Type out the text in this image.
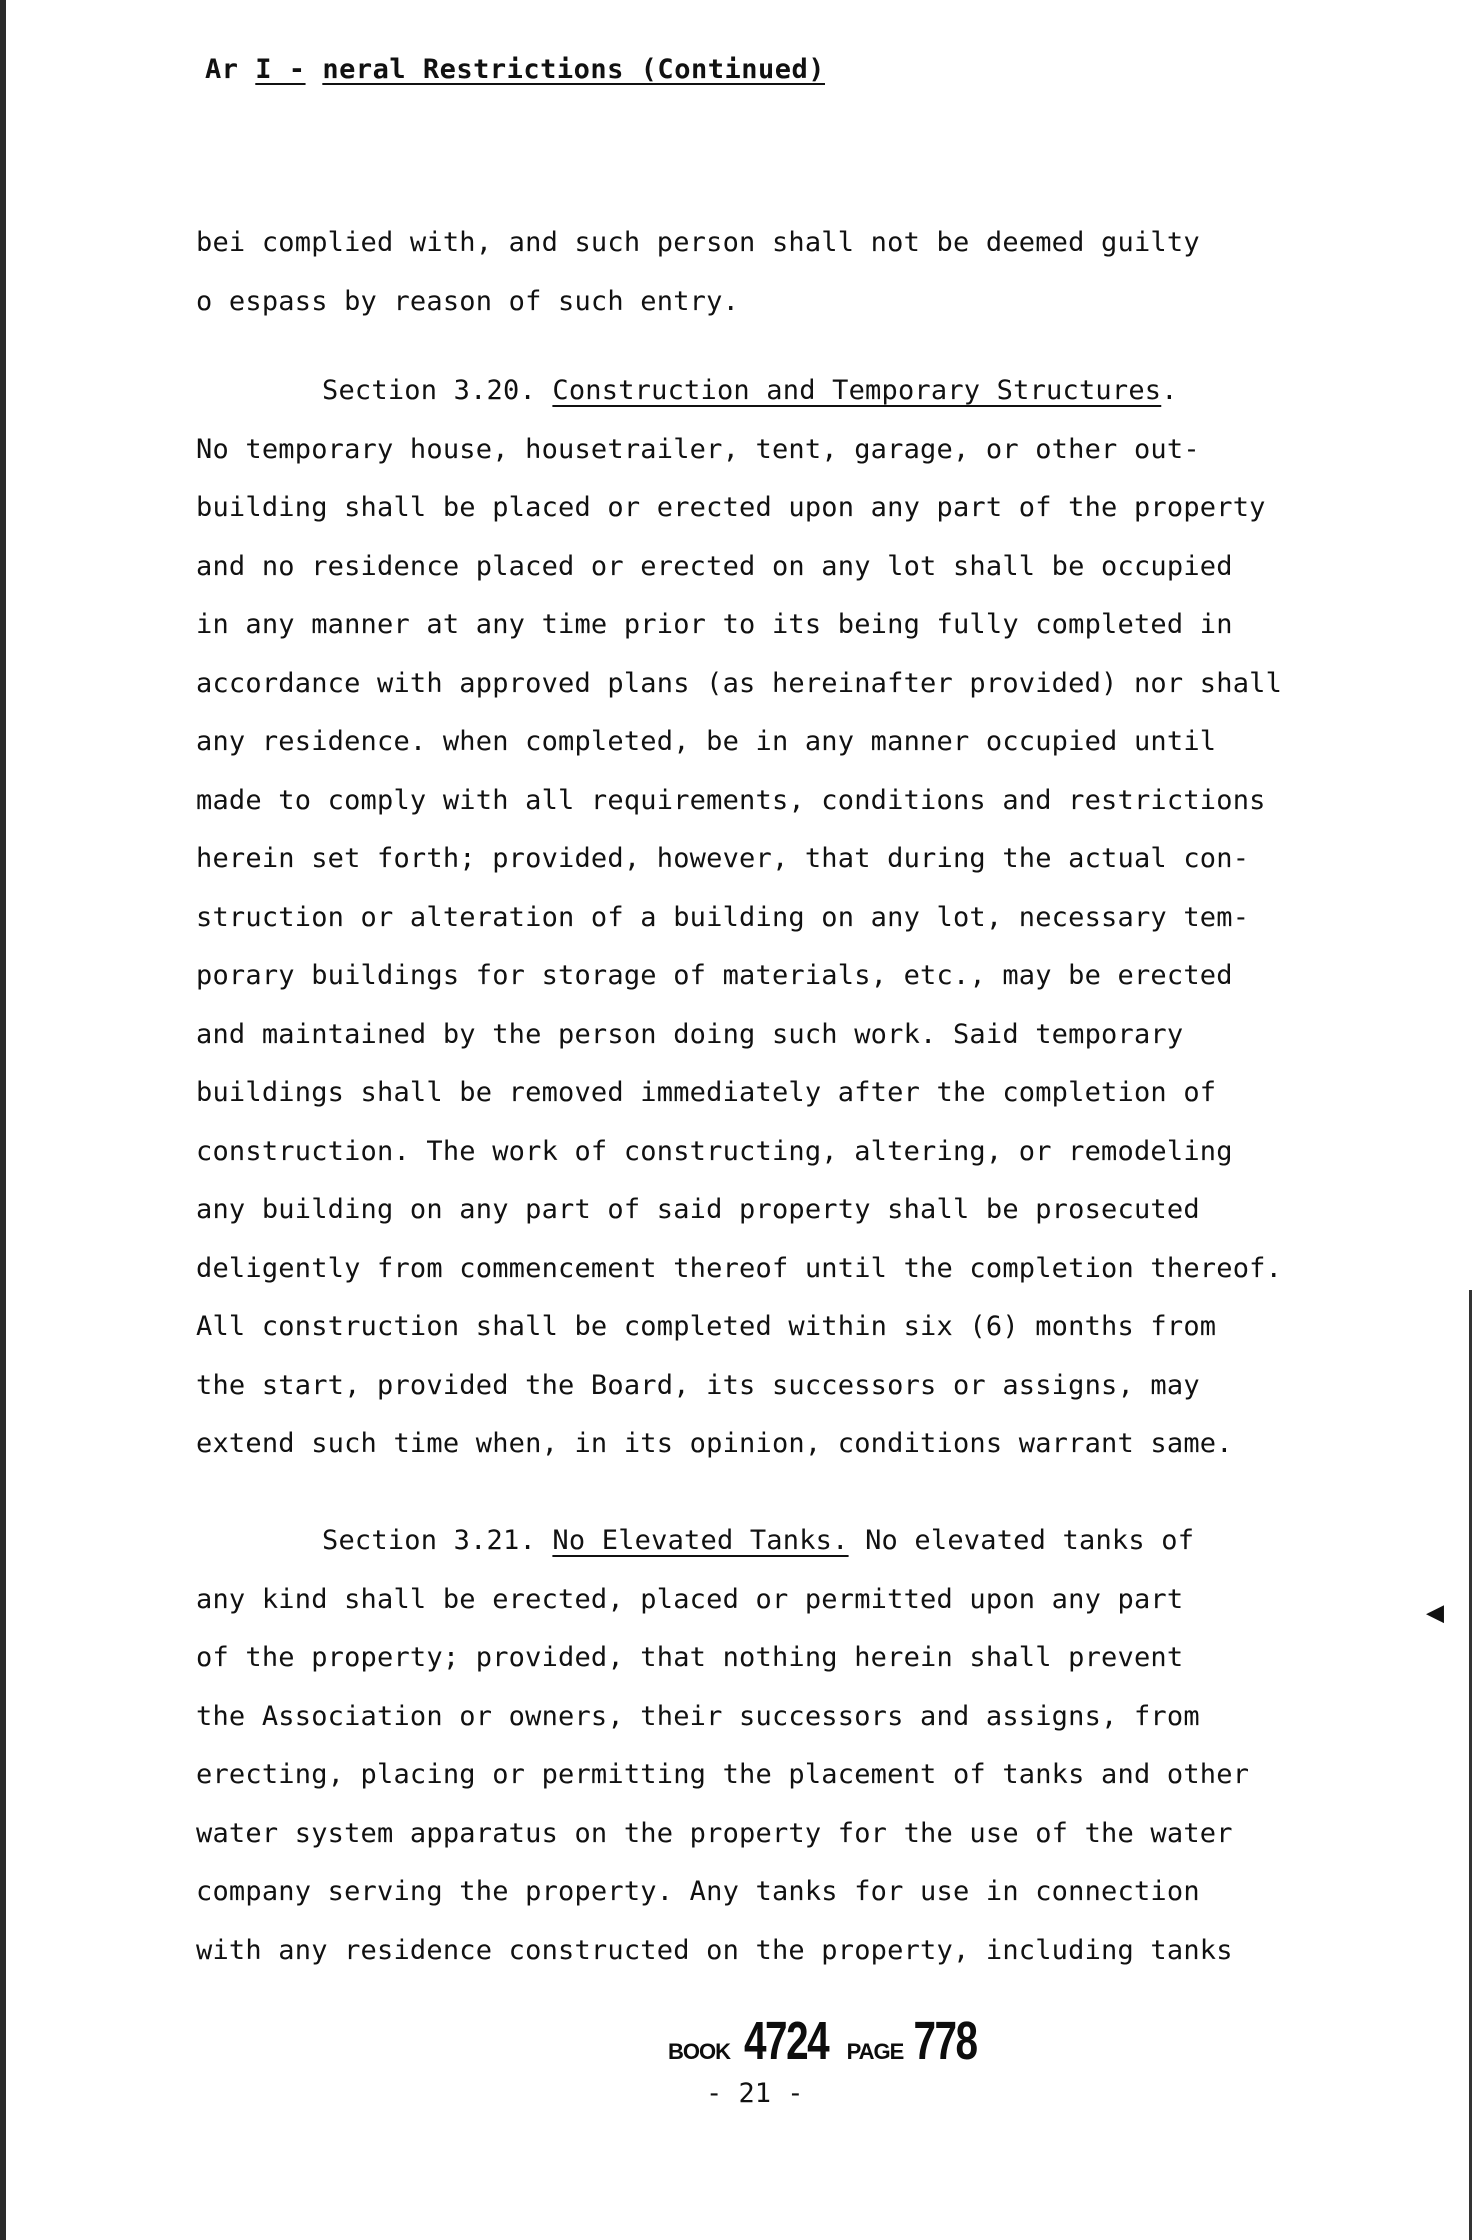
◀
Ar I - neral Restrictions (Continued)

bei complied with, and such person shall not be deemed guilty

o espass by reason of such entry.

Section 3.20. Construction and Temporary Structures.

No temporary house, housetrailer, tent, garage, or other out-

building shall be placed or erected upon any part of the property

and no residence placed or erected on any lot shall be occupied

in any manner at any time prior to its being fully completed in

accordance with approved plans (as hereinafter provided) nor shall

any residence. when completed, be in any manner occupied until

made to comply with all requirements, conditions and restrictions

herein set forth; provided, however, that during the actual con-

struction or alteration of a building on any lot, necessary tem-

porary buildings for storage of materials, etc., may be erected

and maintained by the person doing such work. Said temporary

buildings shall be removed immediately after the completion of

construction. The work of constructing, altering, or remodeling

any building on any part of said property shall be prosecuted

deligently from commencement thereof until the completion thereof.

All construction shall be completed within six (6) months from

the start, provided the Board, its successors or assigns, may

extend such time when, in its opinion, conditions warrant same.

Section 3.21. No Elevated Tanks. No elevated tanks of

any kind shall be erected, placed or permitted upon any part

of the property; provided, that nothing herein shall prevent

the Association or owners, their successors and assigns, from

erecting, placing or permitting the placement of tanks and other

water system apparatus on the property for the use of the water

company serving the property. Any tanks for use in connection

with any residence constructed on the property, including tanks

BOOK 4724 PAGE 778
- 21 -
